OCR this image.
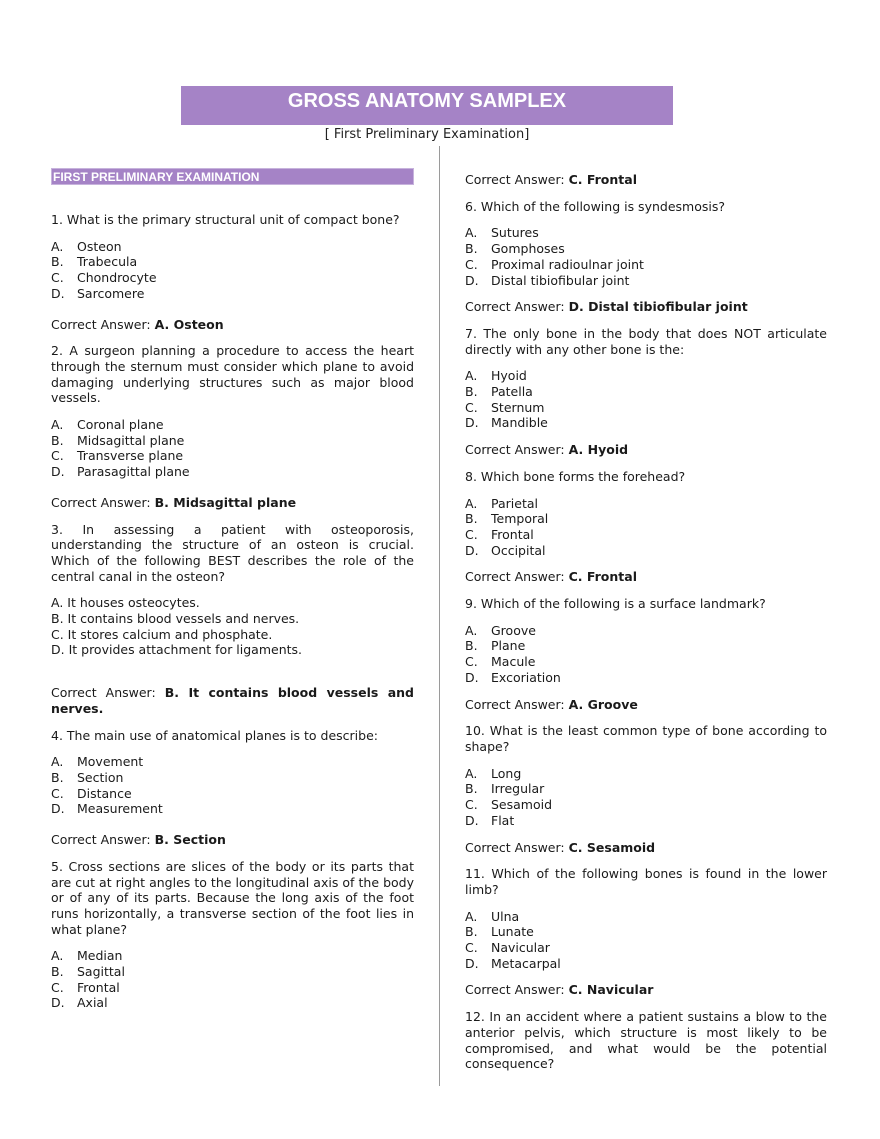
GROSS ANATOMY SAMPLEX
[ First Preliminary Examination]
FIRST PRELIMINARY EXAMINATION

1. What is the primary structural unit of compact bone?

A.	Osteon
B.	Trabecula
C.	Chondrocyte
D. Sarcomere

Correct Answer: A. Osteon

2. A surgeon planning a procedure to access the heart through the sternum must consider which plane to avoid damaging underlying structures such as major blood vessels.

A.	Coronal plane
B.	Midsagittal plane
C.	Transverse plane
D. Parasagittal plane

Correct Answer: B. Midsagittal plane

3. In assessing a patient with osteoporosis, understanding the structure of an osteon is crucial. Which of the following BEST describes the role of the central canal in the osteon?

A. It houses osteocytes.
B. It contains blood vessels and nerves.
C. It stores calcium and phosphate.
D. It provides attachment for ligaments.

Correct Answer: B. It contains blood vessels and nerves.

4. The main use of anatomical planes is to describe:

A.	Movement
B.	Section
C.	Distance
D. Measurement

Correct Answer: B. Section

5. Cross sections are slices of the body or its parts that are cut at right angles to the longitudinal axis of the body or of any of its parts. Because the long axis of the foot runs horizontally, a transverse section of the foot lies in what plane?

A.	Median
B.	Sagittal
C.	Frontal
D. Axial

Correct Answer: C. Frontal

6. Which of the following is syndesmosis?

A.	Sutures
B.	Gomphoses
C.	Proximal radioulnar joint
D. Distal tibiofibular joint

Correct Answer: D. Distal tibiofibular joint

7. The only bone in the body that does NOT articulate directly with any other bone is the:

A.	Hyoid
B.	Patella
C.	Sternum
D. Mandible

Correct Answer: A. Hyoid

8. Which bone forms the forehead?

A.	Parietal
B.	Temporal
C.	Frontal
D. Occipital

Correct Answer: C. Frontal

9. Which of the following is a surface landmark?

A.	Groove
B.	Plane
C.	Macule
D. Excoriation

Correct Answer: A. Groove

10. What is the least common type of bone according to shape?

A.	Long
B.	Irregular
C.	Sesamoid
D. Flat

Correct Answer: C. Sesamoid

11. Which of the following bones is found in the lower limb?

A.	Ulna
B.	Lunate
C.	Navicular
D. Metacarpal

Correct Answer: C. Navicular

12. In an accident where a patient sustains a blow to the anterior pelvis, which structure is most likely to be compromised, and what would be the potential consequence?
